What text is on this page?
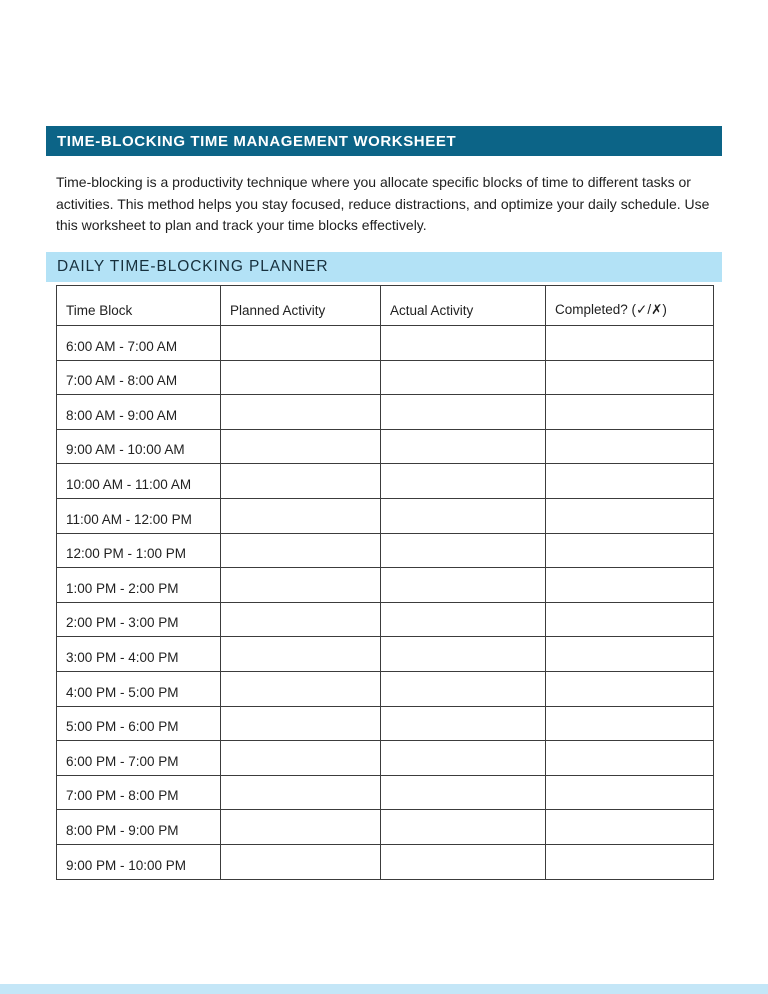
TIME-BLOCKING TIME MANAGEMENT WORKSHEET

Time-blocking is a productivity technique where you allocate specific blocks of time to different tasks or activities. This method helps you stay focused, reduce distractions, and optimize your daily schedule. Use this worksheet to plan and track your time blocks effectively.

DAILY TIME-BLOCKING PLANNER
Time Block	Planned Activity	Actual Activity	Completed? (✓/✗)
6:00 AM - 7:00 AM			
7:00 AM - 8:00 AM			
8:00 AM - 9:00 AM			
9:00 AM - 10:00 AM			
10:00 AM - 11:00 AM			
11:00 AM - 12:00 PM			
12:00 PM - 1:00 PM			
1:00 PM - 2:00 PM			
2:00 PM - 3:00 PM			
3:00 PM - 4:00 PM			
4:00 PM - 5:00 PM			
5:00 PM - 6:00 PM			
6:00 PM - 7:00 PM			
7:00 PM - 8:00 PM			
8:00 PM - 9:00 PM			
9:00 PM - 10:00 PM			
